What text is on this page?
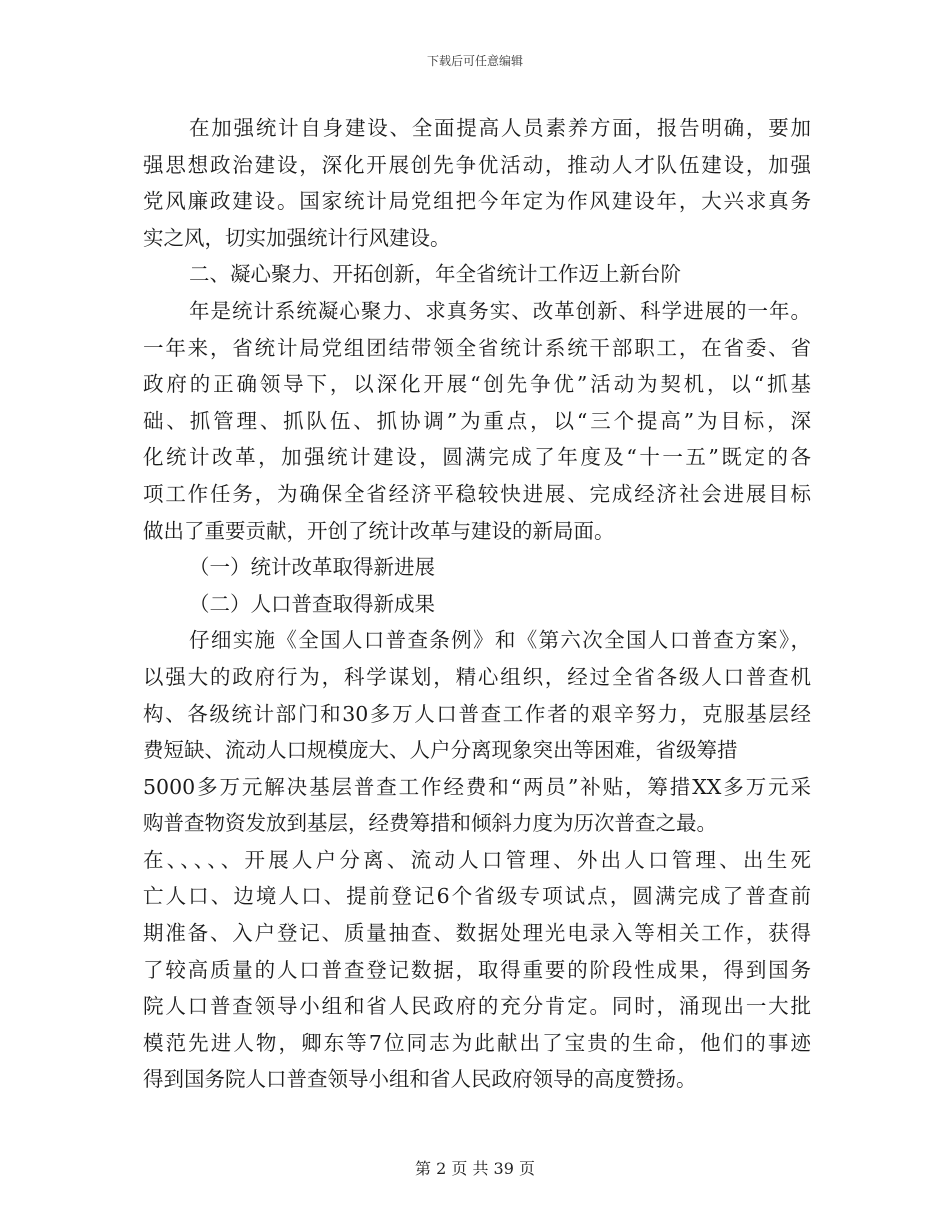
下载后可任意编辑
在加强统计自身建设、全面提高人员素养方面，报告明确，要加
强思想政治建设，深化开展创先争优活动，推动人才队伍建设，加强
党风廉政建设。国家统计局党组把今年定为作风建设年，大兴求真务
实之风，切实加强统计行风建设。
二、凝心聚力、开拓创新，年全省统计工作迈上新台阶
年是统计系统凝心聚力、求真务实、改革创新、科学进展的一年。
一年来，省统计局党组团结带领全省统计系统干部职工，在省委、省
政府的正确领导下，以深化开展“创先争优”活动为契机，以“抓基
础、抓管理、抓队伍、抓协调”为重点，以“三个提高”为目标，深
化统计改革，加强统计建设，圆满完成了年度及“十一五”既定的各
项工作任务，为确保全省经济平稳较快进展、完成经济社会进展目标
做出了重要贡献，开创了统计改革与建设的新局面。
（一）统计改革取得新进展
（二）人口普查取得新成果
仔细实施《全国人口普查条例》和《第六次全国人口普查方案》，
以强大的政府行为，科学谋划，精心组织，经过全省各级人口普查机
构、各级统计部门和30多万人口普查工作者的艰辛努力，克服基层经
费短缺、流动人口规模庞大、人户分离现象突出等困难，省级筹措
5000多万元解决基层普查工作经费和“两员”补贴，筹措XX多万元采
购普查物资发放到基层，经费筹措和倾斜力度为历次普查之最。
在、、、、、开展人户分离、流动人口管理、外出人口管理、出生死
亡人口、边境人口、提前登记6个省级专项试点，圆满完成了普查前
期准备、入户登记、质量抽查、数据处理光电录入等相关工作，获得
了较高质量的人口普查登记数据，取得重要的阶段性成果，得到国务
院人口普查领导小组和省人民政府的充分肯定。同时，涌现出一大批
模范先进人物，卿东等7位同志为此献出了宝贵的生命，他们的事迹
得到国务院人口普查领导小组和省人民政府领导的高度赞扬。
第 2 页 共 39 页
